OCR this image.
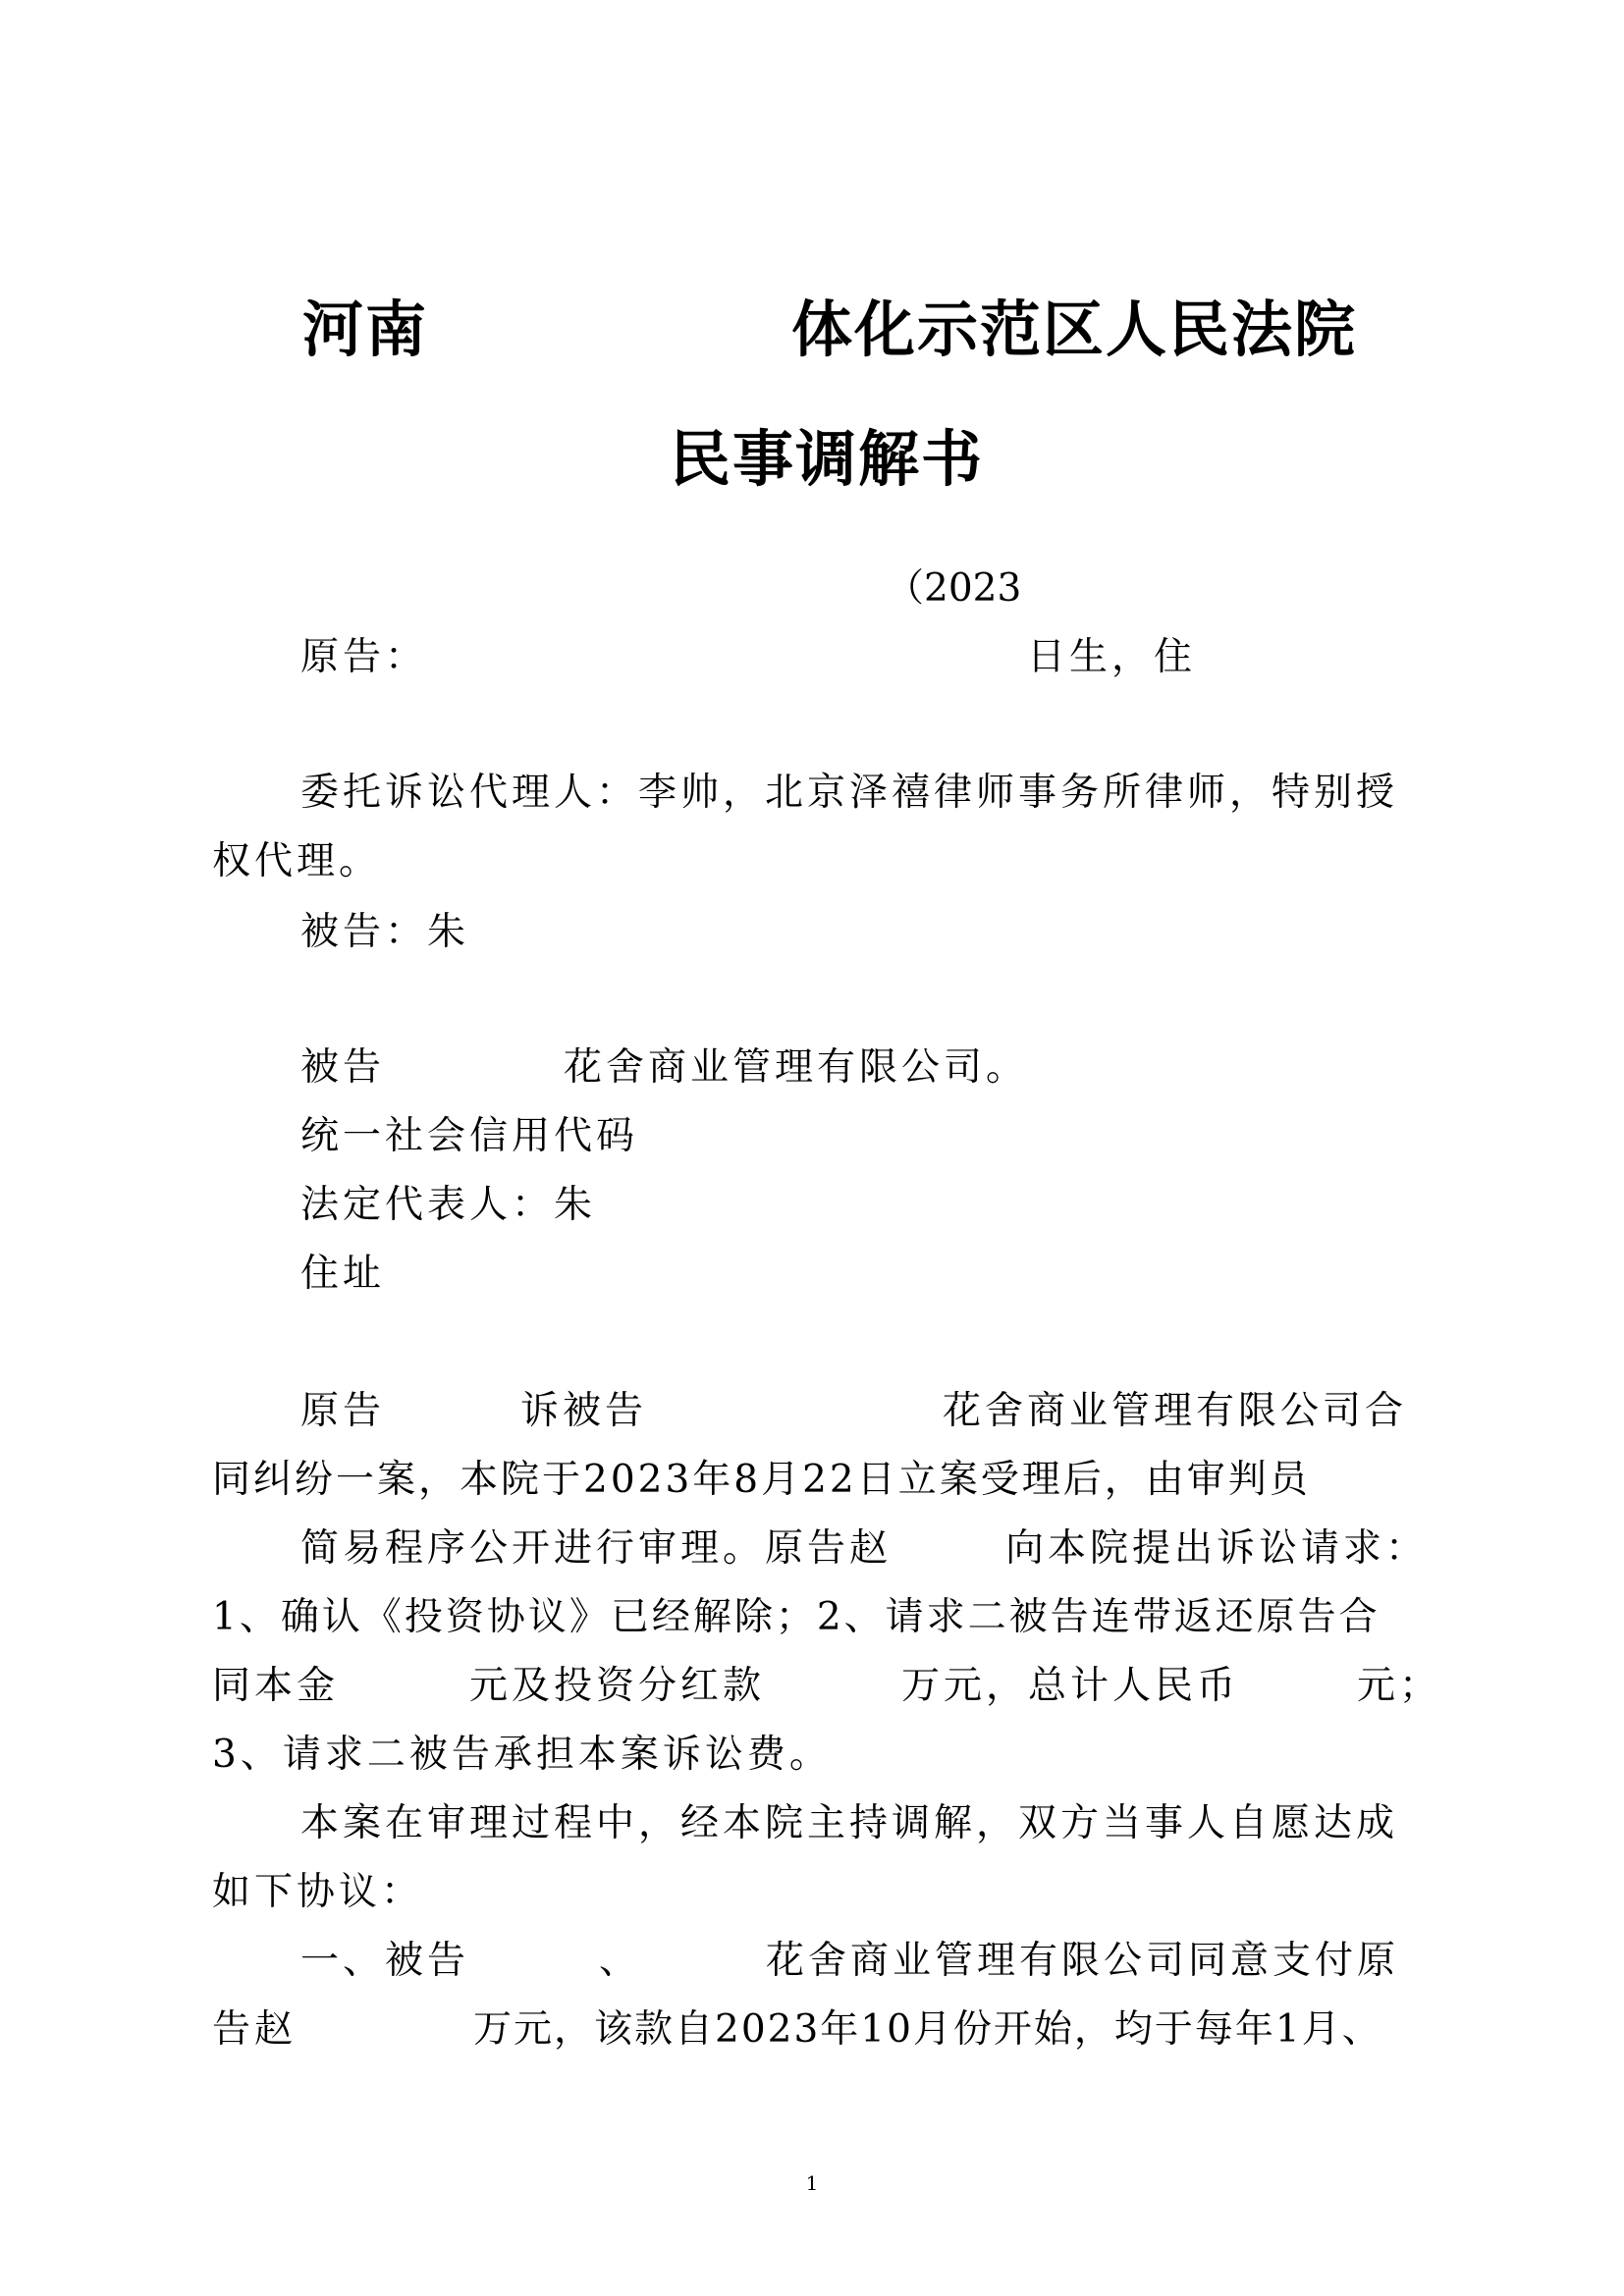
河南	体化示范区人民法院
民事调解书
（2023
原告：	日生，住
委托诉讼代理人：李帅，北京泽禧律师事务所律师，特别授
权代理。
被告：朱
被告	花舍商业管理有限公司。
统一社会信用代码
法定代表人：朱
住址
原告	诉被告	花舍商业管理有限公司合
同纠纷一案，本院于2023年8月22日立案受理后，由审判员
简易程序公开进行审理。原告赵	向本院提出诉讼请求：
1、确认《投资协议》已经解除；2、请求二被告连带返还原告合
同本金	元及投资分红款	万元，总计人民币	元；
3、请求二被告承担本案诉讼费。
本案在审理过程中，经本院主持调解，双方当事人自愿达成
如下协议：
一、被告	、	花舍商业管理有限公司同意支付原
告赵	万元，该款自2023年10月份开始，均于每年1月、
1
